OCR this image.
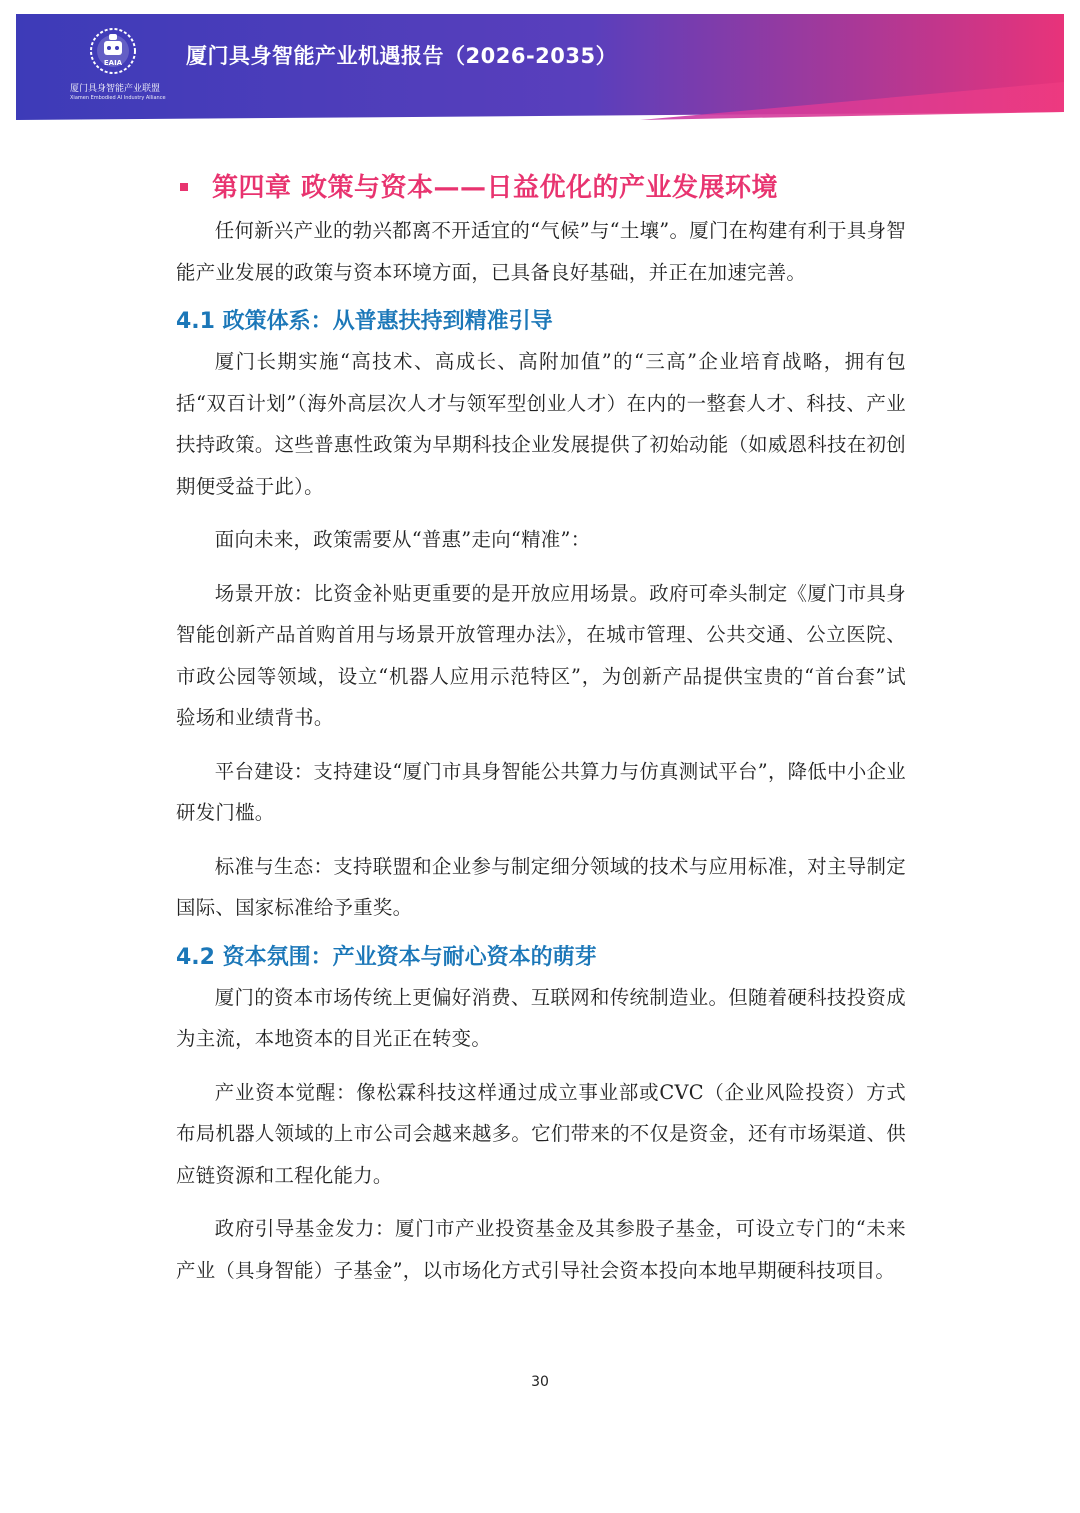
EAIA
厦门具身智能产业联盟
Xiamen Embodied AI Industry Alliance
厦门具身智能产业机遇报告（2026-2035）
第四章 政策与资本——日益优化的产业发展环境

任何新兴产业的勃兴都离不开适宜的“气候”与“土壤”。厦门在构建有利于具身智能产业发展的政策与资本环境方面，已具备良好基础，并正在加速完善。

4.1 政策体系：从普惠扶持到精准引导

厦门长期实施“高技术、高成长、高附加值”的“三高”企业培育战略，拥有包括“双百计划”（海外高层次人才与领军型创业人才）在内的一整套人才、科技、产业扶持政策。这些普惠性政策为早期科技企业发展提供了初始动能（如威恩科技在初创期便受益于此）。

面向未来，政策需要从“普惠”走向“精准”：

场景开放：比资金补贴更重要的是开放应用场景。政府可牵头制定《厦门市具身智能创新产品首购首用与场景开放管理办法》，在城市管理、公共交通、公立医院、市政公园等领域，设立“机器人应用示范特区”，为创新产品提供宝贵的“首台套”试验场和业绩背书。

平台建设：支持建设“厦门市具身智能公共算力与仿真测试平台”，降低中小企业研发门槛。

标准与生态：支持联盟和企业参与制定细分领域的技术与应用标准，对主导制定国际、国家标准给予重奖。

4.2 资本氛围：产业资本与耐心资本的萌芽

厦门的资本市场传统上更偏好消费、互联网和传统制造业。但随着硬科技投资成为主流，本地资本的目光正在转变。

产业资本觉醒：像松霖科技这样通过成立事业部或CVC（企业风险投资）方式布局机器人领域的上市公司会越来越多。它们带来的不仅是资金，还有市场渠道、供应链资源和工程化能力。

政府引导基金发力：厦门市产业投资基金及其参股子基金，可设立专门的“未来产业（具身智能）子基金”，以市场化方式引导社会资本投向本地早期硬科技项目。

30
